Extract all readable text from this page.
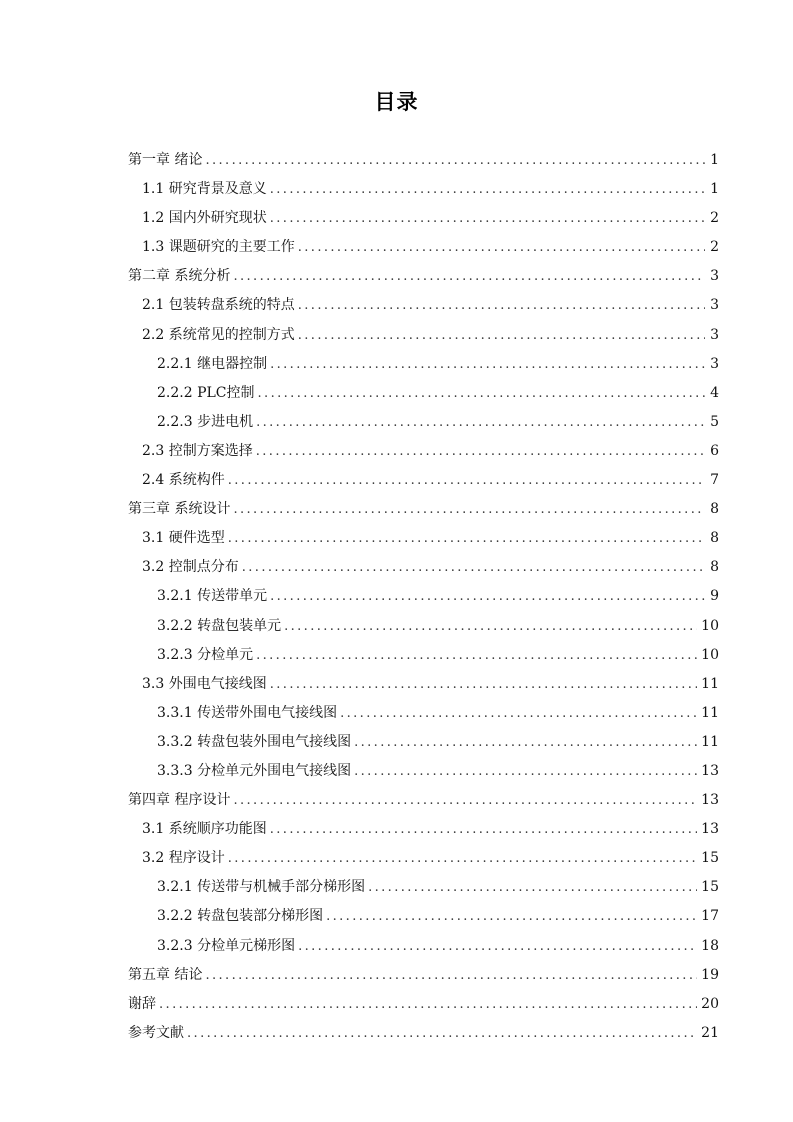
目录
第一章 绪论 .....	1
1.1 研究背景及意义 .....	1
1.2 国内外研究现状 .....	2
1.3 课题研究的主要工作 .....	2
第二章 系统分析 .....	3
2.1 包装转盘系统的特点 .....	3
2.2 系统常见的控制方式 .....	3
2.2.1 继电器控制 .....	3
2.2.2 PLC控制 .....	4
2.2.3 步进电机 .....	5
2.3 控制方案选择 .....	6
2.4 系统构件 .....	7
第三章 系统设计 .....	8
3.1 硬件选型 .....	8
3.2 控制点分布 .....	8
3.2.1 传送带单元 .....	9
3.2.2 转盘包装单元 .....	10
3.2.3 分检单元 .....	10
3.3 外围电气接线图 .....	11
3.3.1 传送带外围电气接线图 .....	11
3.3.2 转盘包装外围电气接线图 .....	11
3.3.3 分检单元外围电气接线图 .....	13
第四章 程序设计 .....	13
3.1 系统顺序功能图 .....	13
3.2 程序设计 .....	15
3.2.1 传送带与机械手部分梯形图 .....	15
3.2.2 转盘包装部分梯形图 .....	17
3.2.3 分检单元梯形图 .....	18
第五章 结论 .....	19
谢辞 .....	20
参考文献 .....	21
